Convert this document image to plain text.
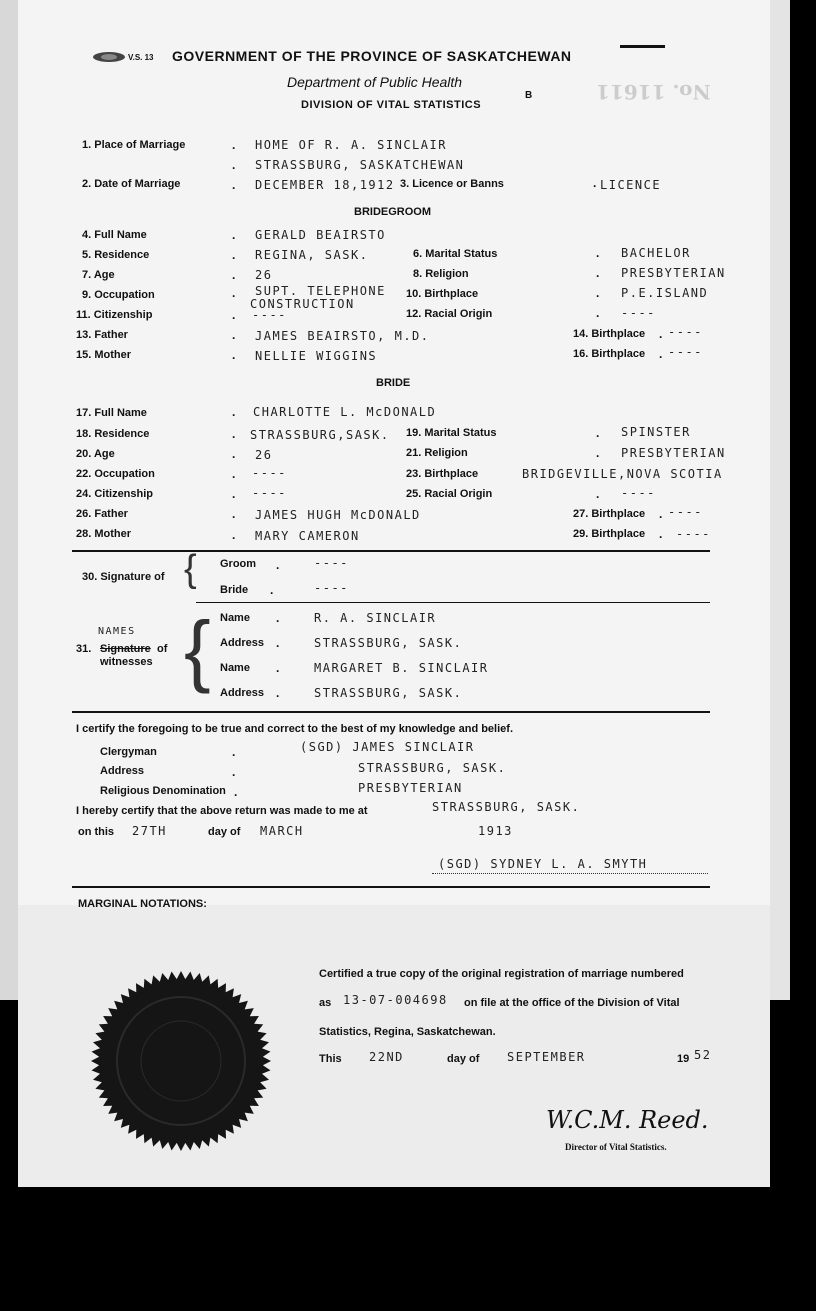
V.S. 13 GOVERNMENT OF THE PROVINCE OF SASKATCHEWAN
Department of Public Health
DIVISION OF VITAL STATISTICS
B	No. 11611
1. Place of Marriage	. HOME OF R. A. SINCLAIR
. STRASSBURG, SASKATCHEWAN
2. Date of Marriage	. DECEMBER 18,1912 3. Licence or Banns	. LICENCE
BRIDEGROOM
4. Full Name	. GERALD BEAIRSTO
5. Residence	. REGINA, SASK.	6. Marital Status	. BACHELOR
7. Age	. 26	8. Religion	. PRESBYTERIAN
9. Occupation	. SUPT. TELEPHONE
CONSTRUCTION
10. Birthplace	. P.E.ISLAND
11. Citizenship	. ----	12. Racial Origin	. ----
13. Father	. JAMES BEAIRSTO, M.D.	14. Birthplace . ----
15. Mother	. NELLIE WIGGINS	16. Birthplace . ----
BRIDE
17. Full Name	. CHARLOTTE L. McDONALD
18. Residence	. STRASSBURG,SASK. 19. Marital Status	. SPINSTER
20. Age	. 26	21. Religion	. PRESBYTERIAN
22. Occupation	. ----	23. Birthplace	BRIDGEVILLE,NOVA SCOTIA
24. Citizenship	. ----	25. Racial Origin	. ----
26. Father	. JAMES HUGH McDONALD	27. Birthplace . ----
28. Mother	. MARY CAMERON	29. Birthplace . ----
30. Signature of { Groom .	----
Bride .	----
NAMES
31. Signature of
witnesses { Name .	R. A. SINCLAIR
Address .	STRASSBURG, SASK.
Name .	MARGARET B. SINCLAIR
Address .	STRASSBURG, SASK.
I certify the foregoing to be true and correct to the best of my knowledge and belief.
Clergyman	.	(SGD) JAMES SINCLAIR
Address	.	STRASSBURG, SASK.
Religious Denomination .	PRESBYTERIAN
I hereby certify that the above return was made to me at	STRASSBURG, SASK.
on this 27TH	day of MARCH	1913
(SGD) SYDNEY L. A. SMYTH
MARGINAL NOTATIONS:
Certified a true copy of the original registration of marriage numbered
as 13-07-004698 on file at the office of the Division of Vital
Statistics, Regina, Saskatchewan.
This 22ND	day of SEPTEMBER	19 52
W.C.M. Reed.
Director of Vital Statistics.
